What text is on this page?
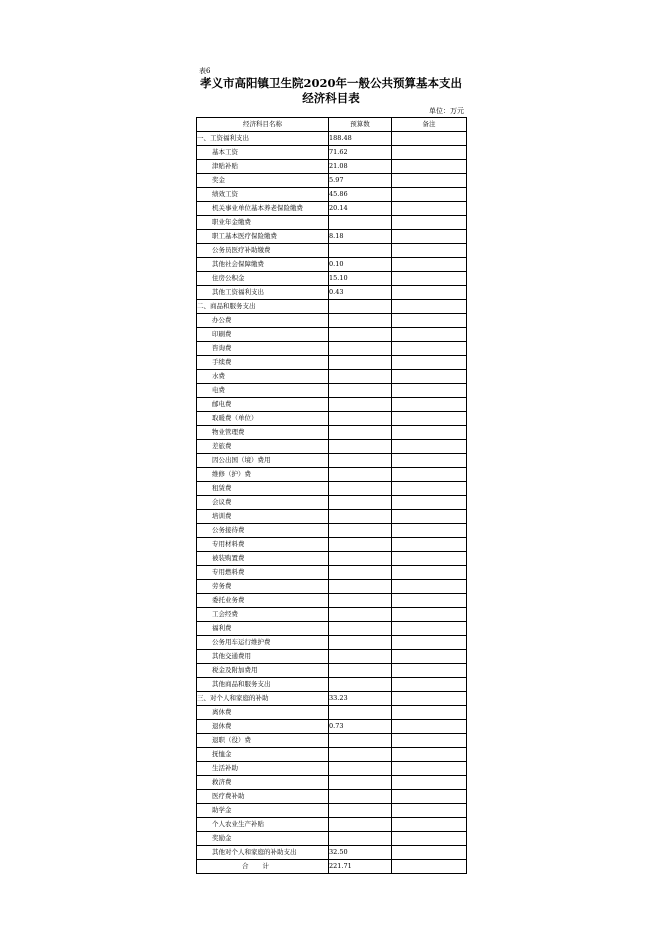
表6
孝义市高阳镇卫生院2020年一般公共预算基本支出经济科目表
单位：万元
经济科目名称	预算数	备注
一、工资福利支出	188.48	
基本工资	71.62	
津贴补贴	21.08	
奖金	5.97	
绩效工资	45.86	
机关事业单位基本养老保险缴费	20.14	
职业年金缴费		
职工基本医疗保险缴费	8.18	
公务员医疗补助缴费		
其他社会保障缴费	0.10	
住房公积金	15.10	
其他工资福利支出	0.43	
二、商品和服务支出		
办公费		
印刷费		
咨询费		
手续费		
水费		
电费		
邮电费		
取暖费（单位）		
物业管理费		
差旅费		
因公出国（境）费用		
维修（护）费		
租赁费		
会议费		
培训费		
公务接待费		
专用材料费		
被装购置费		
专用燃料费		
劳务费		
委托业务费		
工会经费		
福利费		
公务用车运行维护费		
其他交通费用		
税金及附加费用		
其他商品和服务支出		
三、对个人和家庭的补助	33.23	
离休费		
退休费	0.73	
退职（役）费		
抚恤金		
生活补助		
救济费		
医疗费补助		
助学金		
个人农业生产补贴		
奖励金		
其他对个人和家庭的补助支出	32.50	
合计	221.71	
